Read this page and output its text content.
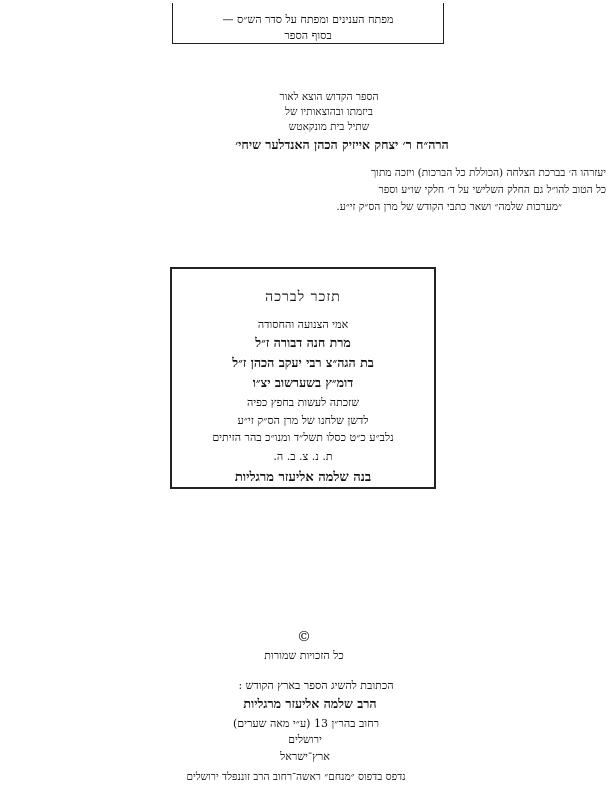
מפתח הענינים ומפתח על סדר הש״ס —
בסוף הספר
הספר הקדוש הוצא לאור
ביזמתו ובהוצאותיו של
שתיל בית מונקאטש
הרה״ח ר׳ יצחק אייזיק הכהן האנדלער שיחי׳
יעזרהו ה׳ בברכת הצלחה (הכוללת כל הברכות) ויזכה מתוך
כל הטוב להו״ל גם החלק השלישי על ד׳ חלקי שו״ע וספר
״מערכות שלמה״ ושאר כתבי הקודש של מרן הס״ק זי״ע.
תזכר לברכה
אמי הצנועה והחסודה
מרת חנה דבורה ז״ל
בת הגה״צ רבי יעקב הכהן ז״ל
דומ״ץ בשערשוב יצ״ו
שזכתה לעשות בחפץ כפיה
לדשן שלחנו של מרן הס״ק זי״ע
נלב״ע כ״ט כסלו תשל״ד ומנו״כ בהר הזיתים
ת. נ. צ. ב. ה.
בנה שלמה אליעזר מרגליות
©
כל הזכויות שמורות
הכתובת להשיג הספר בארץ הקודש :
הרב שלמה אליעזר מרגליות
רחוב בהר״ן 13 (ע״י מאה שערים)
ירושלים
ארץ־ישראל
נדפס בדפוס ״מנחם״ ראשה־רחוב הרב זוננפלד ירושלים
